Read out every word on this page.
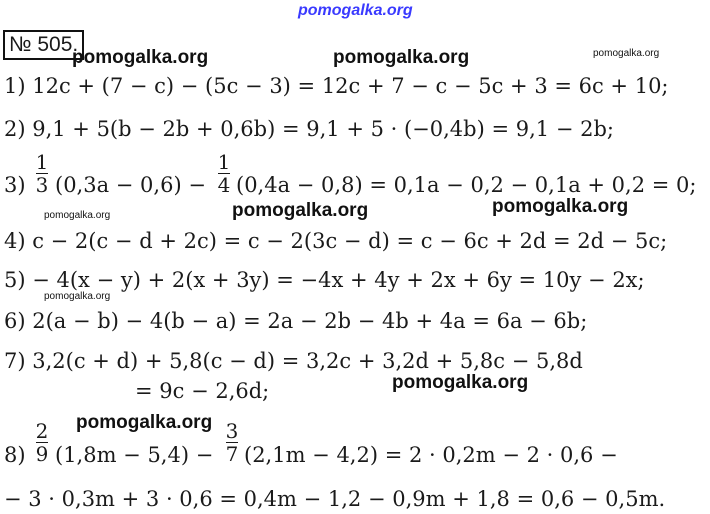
pomogalka.org
pomogalka.org	pomogalka.org	pomogalka.org
pomogalka.org	pomogalka.org	pomogalka.org
pomogalka.org
pomogalka.org
pomogalka.org
№ 505.
1) 12c + (7 − c) − (5c − 3) = 12c + 7 − c − 5c + 3 = 6c + 10;
2) 9,1 + 5(b − 2b + 0,6b) = 9,1 + 5 · (−0,4b) = 9,1 − 2b;
3)
1
3 (0,3a − 0,6) −
1
4 (0,4a − 0,8) = 0,1a − 0,2 − 0,1a + 0,2 = 0;
4) c − 2(c − d + 2c) = c − 2(3c − d) = c − 6c + 2d = 2d − 5c;
5) − 4(x − y) + 2(x + 3y) = −4x + 4y + 2x + 6y = 10y − 2x;
6) 2(a − b) − 4(b − a) = 2a − 2b − 4b + 4a = 6a − 6b;
7) 3,2(c + d) + 5,8(c − d) = 3,2c + 3,2d + 5,8c − 5,8d
= 9c − 2,6d;
8)
2
9 (1,8m − 5,4) −
3
7 (2,1m − 4,2) = 2 · 0,2m − 2 · 0,6 −
− 3 · 0,3m + 3 · 0,6 = 0,4m − 1,2 − 0,9m + 1,8 = 0,6 − 0,5m.
